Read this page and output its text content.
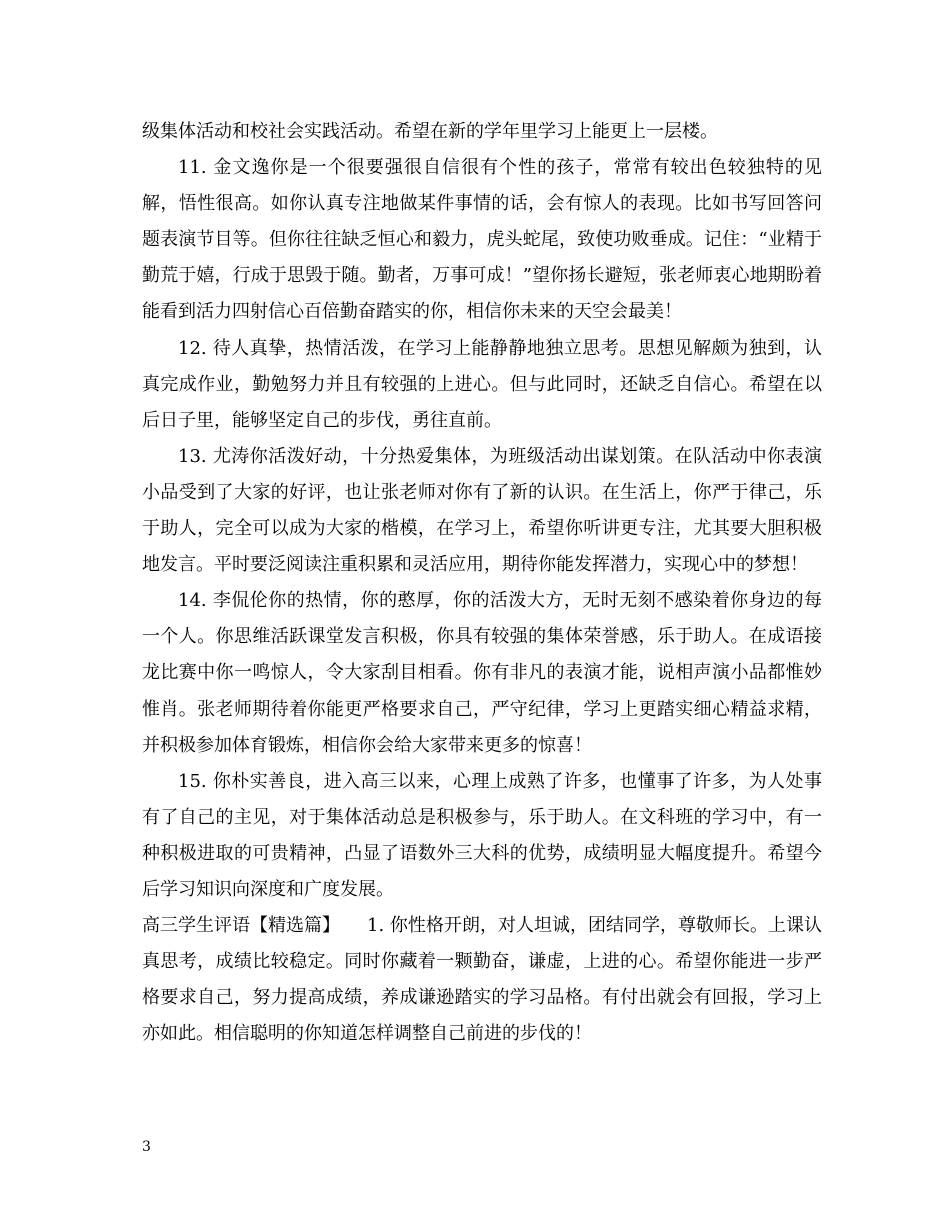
级集体活动和校社会实践活动。希望在新的学年里学习上能更上一层楼。

11. 金文逸你是一个很要强很自信很有个性的孩子，常常有较出色较独特的见解，悟性很高。如你认真专注地做某件事情的话，会有惊人的表现。比如书写回答问题表演节目等。但你往往缺乏恒心和毅力，虎头蛇尾，致使功败垂成。记住：“业精于勤荒于嬉，行成于思毁于随。勤者，万事可成！”望你扬长避短，张老师衷心地期盼着能看到活力四射信心百倍勤奋踏实的你，相信你未来的天空会最美！

12. 待人真挚，热情活泼，在学习上能静静地独立思考。思想见解颇为独到，认真完成作业，勤勉努力并且有较强的上进心。但与此同时，还缺乏自信心。希望在以后日子里，能够坚定自己的步伐，勇往直前。

13. 尤涛你活泼好动，十分热爱集体，为班级活动出谋划策。在队活动中你表演小品受到了大家的好评，也让张老师对你有了新的认识。在生活上，你严于律己，乐于助人，完全可以成为大家的楷模，在学习上，希望你听讲更专注，尤其要大胆积极地发言。平时要泛阅读注重积累和灵活应用，期待你能发挥潜力，实现心中的梦想！

14. 李侃伦你的热情，你的憨厚，你的活泼大方，无时无刻不感染着你身边的每一个人。你思维活跃课堂发言积极，你具有较强的集体荣誉感，乐于助人。在成语接龙比赛中你一鸣惊人，令大家刮目相看。你有非凡的表演才能，说相声演小品都惟妙惟肖。张老师期待着你能更严格要求自己，严守纪律，学习上更踏实细心精益求精，并积极参加体育锻炼，相信你会给大家带来更多的惊喜！

15. 你朴实善良，进入高三以来，心理上成熟了许多，也懂事了许多，为人处事有了自己的主见，对于集体活动总是积极参与，乐于助人。在文科班的学习中，有一种积极进取的可贵精神，凸显了语数外三大科的优势，成绩明显大幅度提升。希望今后学习知识向深度和广度发展。

高三学生评语【精选篇】　　1. 你性格开朗，对人坦诚，团结同学，尊敬师长。上课认真思考，成绩比较稳定。同时你藏着一颗勤奋，谦虚，上进的心。希望你能进一步严格要求自己，努力提高成绩，养成谦逊踏实的学习品格。有付出就会有回报，学习上亦如此。相信聪明的你知道怎样调整自己前进的步伐的！

3
